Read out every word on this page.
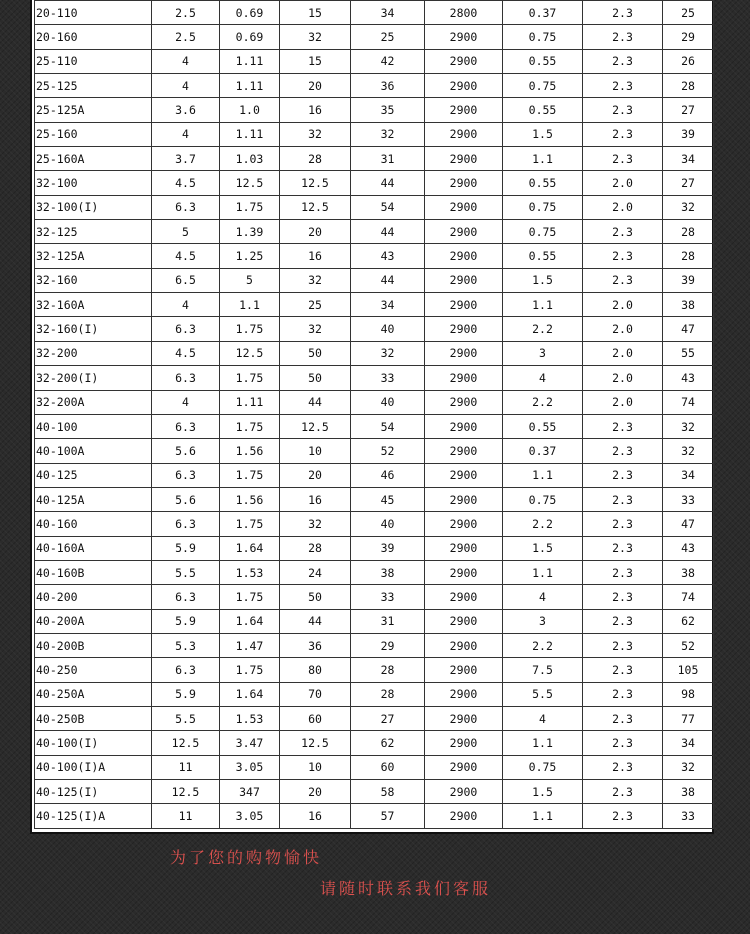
20-110	2.5	0.69	15	34	2800	0.37	2.3	25
20-160	2.5	0.69	32	25	2900	0.75	2.3	29
25-110	4	1.11	15	42	2900	0.55	2.3	26
25-125	4	1.11	20	36	2900	0.75	2.3	28
25-125A	3.6	1.0	16	35	2900	0.55	2.3	27
25-160	4	1.11	32	32	2900	1.5	2.3	39
25-160A	3.7	1.03	28	31	2900	1.1	2.3	34
32-100	4.5	12.5	12.5	44	2900	0.55	2.0	27
32-100(I)	6.3	1.75	12.5	54	2900	0.75	2.0	32
32-125	5	1.39	20	44	2900	0.75	2.3	28
32-125A	4.5	1.25	16	43	2900	0.55	2.3	28
32-160	6.5	5	32	44	2900	1.5	2.3	39
32-160A	4	1.1	25	34	2900	1.1	2.0	38
32-160(I)	6.3	1.75	32	40	2900	2.2	2.0	47
32-200	4.5	12.5	50	32	2900	3	2.0	55
32-200(I)	6.3	1.75	50	33	2900	4	2.0	43
32-200A	4	1.11	44	40	2900	2.2	2.0	74
40-100	6.3	1.75	12.5	54	2900	0.55	2.3	32
40-100A	5.6	1.56	10	52	2900	0.37	2.3	32
40-125	6.3	1.75	20	46	2900	1.1	2.3	34
40-125A	5.6	1.56	16	45	2900	0.75	2.3	33
40-160	6.3	1.75	32	40	2900	2.2	2.3	47
40-160A	5.9	1.64	28	39	2900	1.5	2.3	43
40-160B	5.5	1.53	24	38	2900	1.1	2.3	38
40-200	6.3	1.75	50	33	2900	4	2.3	74
40-200A	5.9	1.64	44	31	2900	3	2.3	62
40-200B	5.3	1.47	36	29	2900	2.2	2.3	52
40-250	6.3	1.75	80	28	2900	7.5	2.3	105
40-250A	5.9	1.64	70	28	2900	5.5	2.3	98
40-250B	5.5	1.53	60	27	2900	4	2.3	77
40-100(I)	12.5	3.47	12.5	62	2900	1.1	2.3	34
40-100(I)A	11	3.05	10	60	2900	0.75	2.3	32
40-125(I)	12.5	347	20	58	2900	1.5	2.3	38
40-125(I)A	11	3.05	16	57	2900	1.1	2.3	33
为了您的购物愉快
请随时联系我们客服
